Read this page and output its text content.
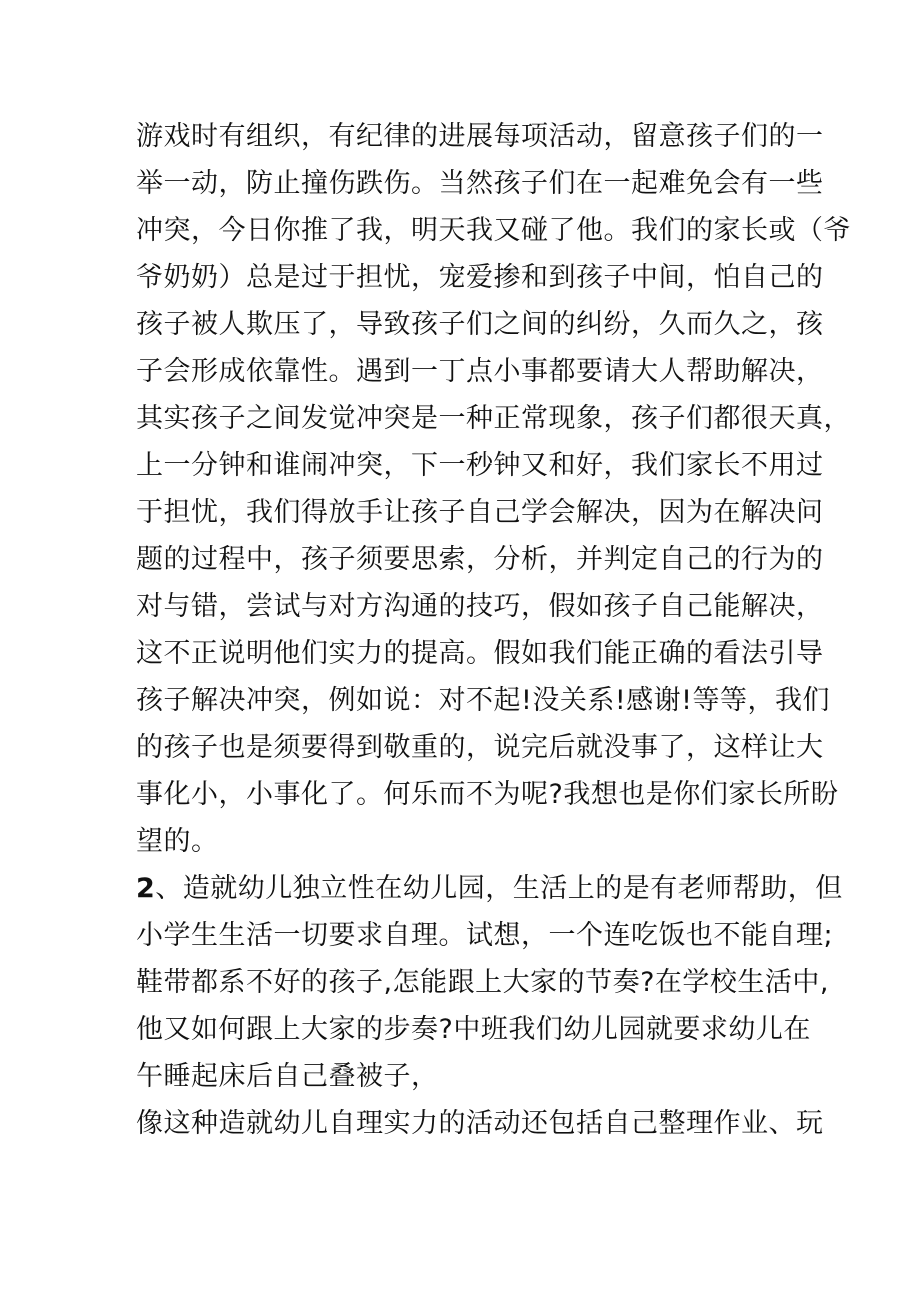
游戏时有组织，有纪律的进展每项活动，留意孩子们的一
举一动，防止撞伤跌伤。当然孩子们在一起难免会有一些
冲突，今日你推了我，明天我又碰了他。我们的家长或（爷
爷奶奶）总是过于担忧，宠爱掺和到孩子中间，怕自己的
孩子被人欺压了，导致孩子们之间的纠纷，久而久之，孩
子会形成依靠性。遇到一丁点小事都要请大人帮助解决，
其实孩子之间发觉冲突是一种正常现象，孩子们都很天真，
上一分钟和谁闹冲突，下一秒钟又和好，我们家长不用过
于担忧，我们得放手让孩子自己学会解决，因为在解决问
题的过程中，孩子须要思索，分析，并判定自己的行为的
对与错，尝试与对方沟通的技巧，假如孩子自己能解决，
这不正说明他们实力的提高。假如我们能正确的看法引导
孩子解决冲突，例如说：对不起!没关系!感谢!等等，我们
的孩子也是须要得到敬重的，说完后就没事了，这样让大
事化小，小事化了。何乐而不为呢?我想也是你们家长所盼
望的。
2、造就幼儿独立性在幼儿园，生活上的是有老师帮助，但
小学生生活一切要求自理。试想，一个连吃饭也不能自理;
鞋带都系不好的孩子,怎能跟上大家的节奏?在学校生活中,
他又如何跟上大家的步奏?中班我们幼儿园就要求幼儿在
午睡起床后自己叠被子，
像这种造就幼儿自理实力的活动还包括自己整理作业、玩
